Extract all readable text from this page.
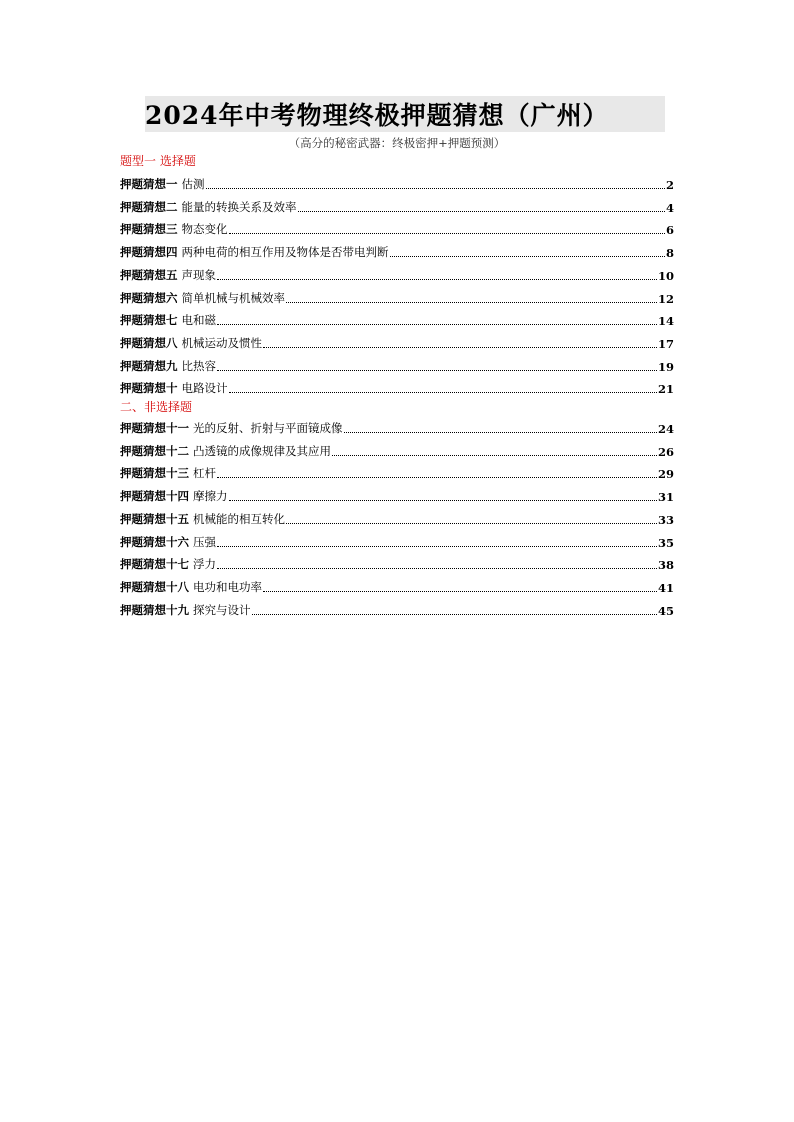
2024年中考物理终极押题猜想（广州）
（高分的秘密武器：终极密押+押题预测）
题型一 选择题
押题猜想一 估测	2
押题猜想二 能量的转换关系及效率	4
押题猜想三 物态变化	6
押题猜想四 两种电荷的相互作用及物体是否带电判断	8
押题猜想五 声现象	10
押题猜想六 简单机械与机械效率	12
押题猜想七 电和磁	14
押题猜想八 机械运动及惯性	17
押题猜想九 比热容	19
押题猜想十 电路设计	21
二、非选择题
押题猜想十一 光的反射、折射与平面镜成像	24
押题猜想十二 凸透镜的成像规律及其应用	26
押题猜想十三 杠杆	29
押题猜想十四 摩擦力	31
押题猜想十五 机械能的相互转化	33
押题猜想十六 压强	35
押题猜想十七 浮力	38
押题猜想十八 电功和电功率	41
押题猜想十九 探究与设计	45
